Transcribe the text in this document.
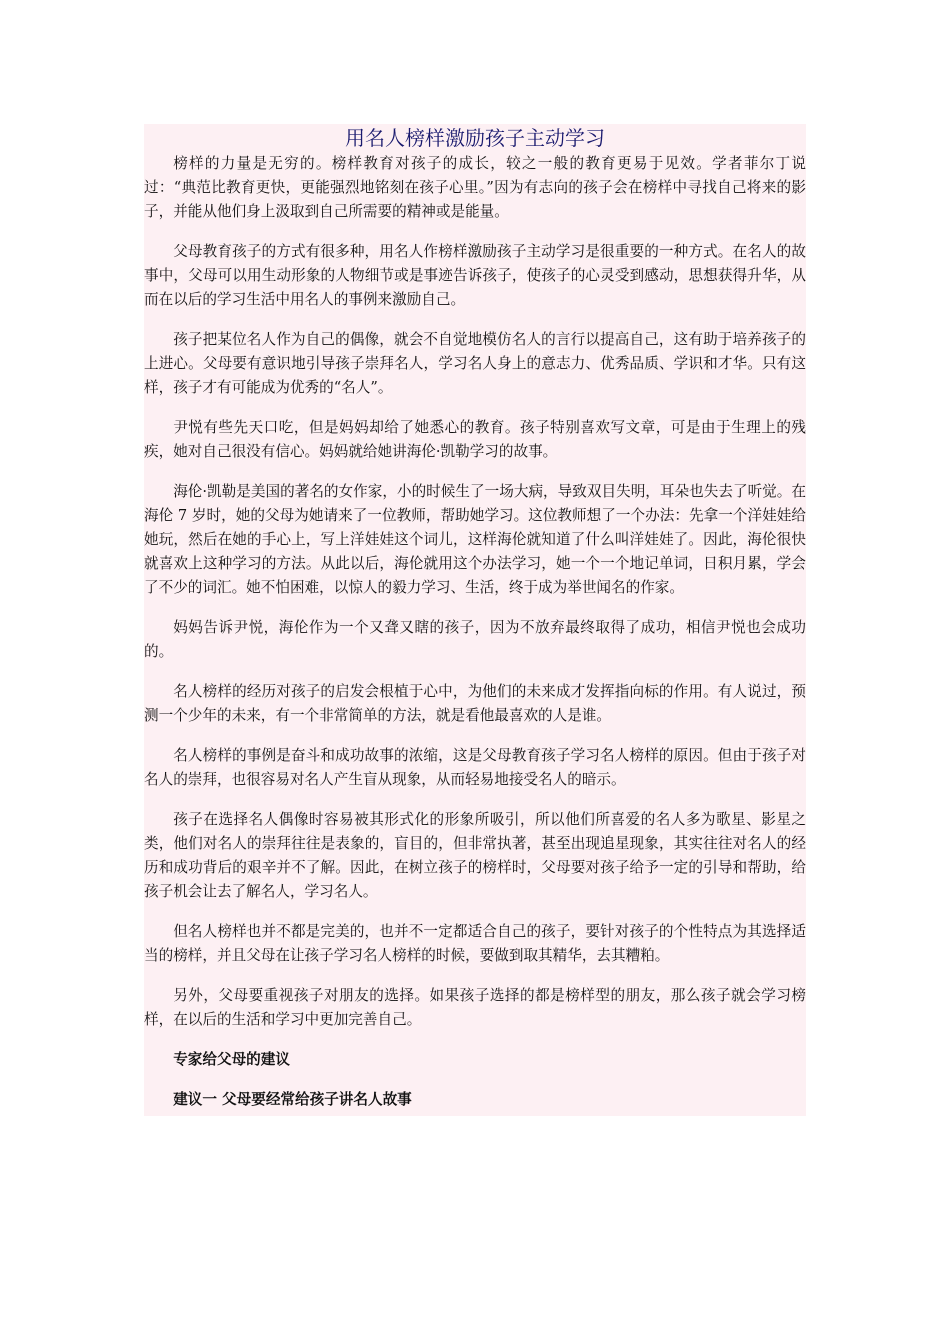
用名人榜样激励孩子主动学习

榜样的力量是无穷的。榜样教育对孩子的成长，较之一般的教育更易于见效。学者菲尔丁说过：“典范比教育更快，更能强烈地铭刻在孩子心里。”因为有志向的孩子会在榜样中寻找自己将来的影子，并能从他们身上汲取到自己所需要的精神或是能量。

父母教育孩子的方式有很多种，用名人作榜样激励孩子主动学习是很重要的一种方式。在名人的故事中，父母可以用生动形象的人物细节或是事迹告诉孩子，使孩子的心灵受到感动，思想获得升华，从而在以后的学习生活中用名人的事例来激励自己。

孩子把某位名人作为自己的偶像，就会不自觉地模仿名人的言行以提高自己，这有助于培养孩子的上进心。父母要有意识地引导孩子崇拜名人，学习名人身上的意志力、优秀品质、学识和才华。只有这样，孩子才有可能成为优秀的“名人”。

尹悦有些先天口吃，但是妈妈却给了她悉心的教育。孩子特别喜欢写文章，可是由于生理上的残疾，她对自己很没有信心。妈妈就给她讲海伦·凯勒学习的故事。

海伦·凯勒是美国的著名的女作家，小的时候生了一场大病，导致双目失明，耳朵也失去了听觉。在海伦 7 岁时，她的父母为她请来了一位教师，帮助她学习。这位教师想了一个办法：先拿一个洋娃娃给她玩，然后在她的手心上，写上洋娃娃这个词儿，这样海伦就知道了什么叫洋娃娃了。因此，海伦很快就喜欢上这种学习的方法。从此以后，海伦就用这个办法学习，她一个一个地记单词，日积月累，学会了不少的词汇。她不怕困难，以惊人的毅力学习、生活，终于成为举世闻名的作家。

妈妈告诉尹悦，海伦作为一个又聋又瞎的孩子，因为不放弃最终取得了成功，相信尹悦也会成功的。

名人榜样的经历对孩子的启发会根植于心中，为他们的未来成才发挥指向标的作用。有人说过，预测一个少年的未来，有一个非常简单的方法，就是看他最喜欢的人是谁。

名人榜样的事例是奋斗和成功故事的浓缩，这是父母教育孩子学习名人榜样的原因。但由于孩子对名人的崇拜，也很容易对名人产生盲从现象，从而轻易地接受名人的暗示。

孩子在选择名人偶像时容易被其形式化的形象所吸引，所以他们所喜爱的名人多为歌星、影星之类，他们对名人的崇拜往往是表象的，盲目的，但非常执著，甚至出现追星现象，其实往往对名人的经历和成功背后的艰辛并不了解。因此，在树立孩子的榜样时，父母要对孩子给予一定的引导和帮助，给孩子机会让去了解名人，学习名人。

但名人榜样也并不都是完美的，也并不一定都适合自己的孩子，要针对孩子的个性特点为其选择适当的榜样，并且父母在让孩子学习名人榜样的时候，要做到取其精华，去其糟粕。

另外，父母要重视孩子对朋友的选择。如果孩子选择的都是榜样型的朋友，那么孩子就会学习榜样，在以后的生活和学习中更加完善自己。

专家给父母的建议

建议一 父母要经常给孩子讲名人故事
